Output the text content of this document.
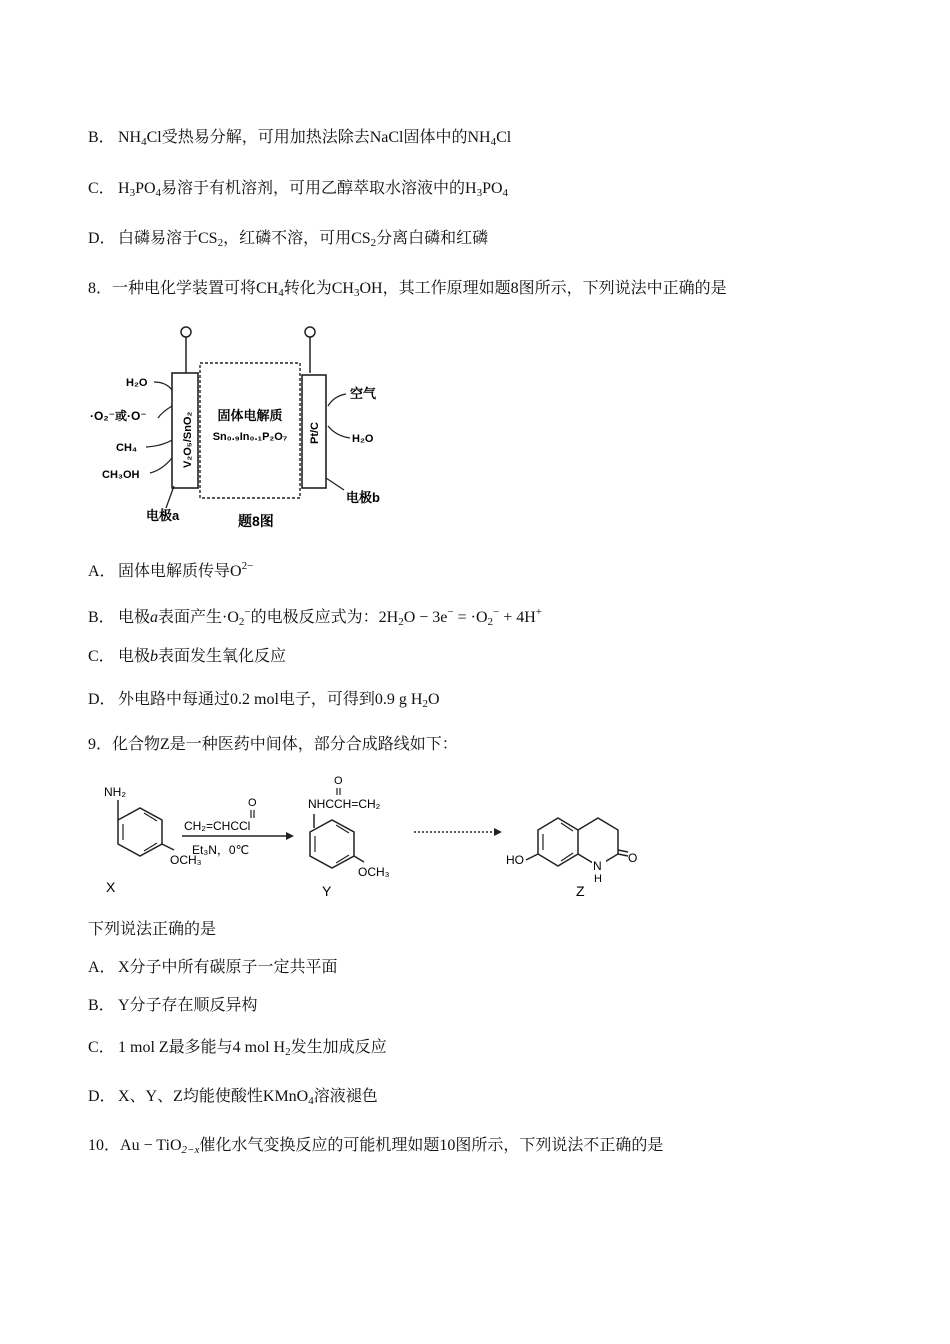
B． $NH_4Cl$受热易分解，可用加热法除去NaCl固体中的$NH_4Cl$
C． $H_3PO_4$易溶于有机溶剂，可用乙醇萃取水溶液中的$H_3PO_4$
D． 白磷易溶于$CS_2$，红磷不溶，可用$CS_2$分离白磷和红磷
8．一种电化学装置可将$CH_4$转化为$CH_3OH$，其工作原理如题8图所示，下列说法中正确的是
V₂O₅/SnO₂ 固体电解质
Sn₀.₉In₀.₁P₂O₇ Pt/C
H₂O
·O₂⁻或·O⁻
CH₄
CH₃OH
空气
H₂O
电极a
电极b
题8图
A． 固体电解质传导$O^{2-}$
B． 电极a表面产生$\cdot O_2^-$的电极反应式为：$2H_2O - 3e^- = \cdot O_2^- + 4H^+$
C． 电极b表面发生氧化反应
D． 外电路中每通过0.2 mol电子，可得到0.9 g $H_2O$
9．化合物Z是一种医药中间体，部分合成路线如下：
NH₂
OCH₃
X
O
CH₂=CHCCl
Et₃N，0℃
O
NHCCH=CH₂
OCH₃
Y
O
N
H
HO
Z
下列说法正确的是
A． X分子中所有碳原子一定共平面
B． Y分子存在顺反异构
C． 1 mol Z最多能与4 mol $H_2$发生加成反应
D． X、Y、Z均能使酸性KMnO$_4$溶液褪色
10．Au − TiO$_{2-x}$催化水气变换反应的可能机理如题10图所示，下列说法不正确的是
